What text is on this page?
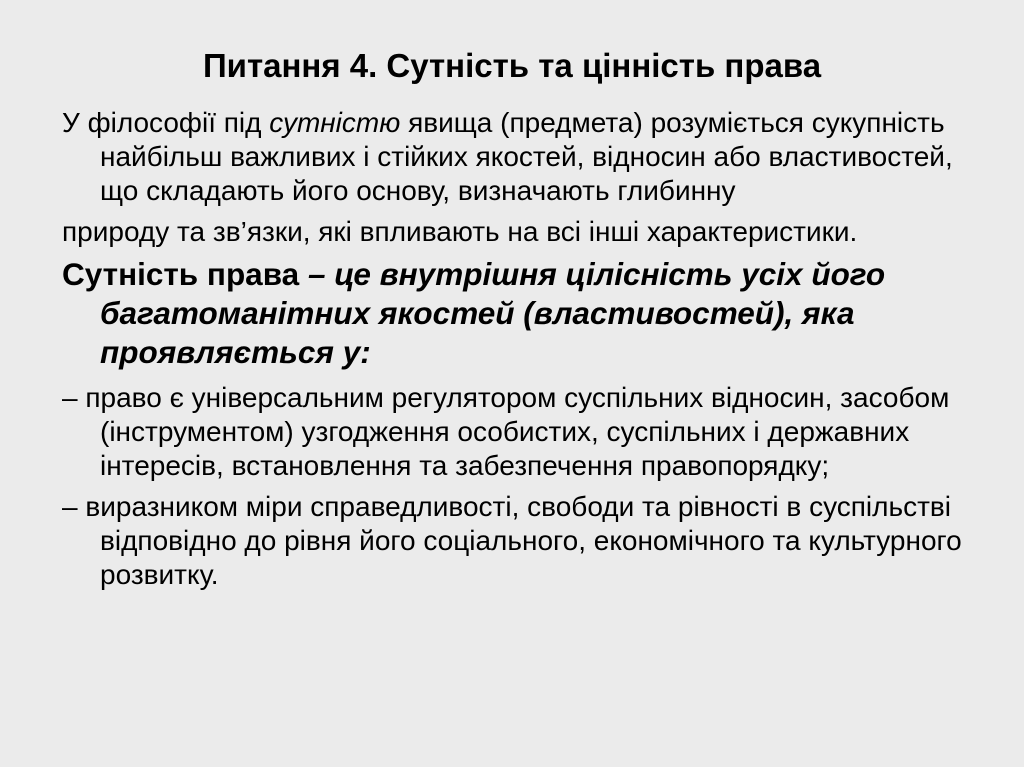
Питання 4. Сутність та цінність права

У філософії під сутністю явища (предмета) розуміється сукупність найбільш важливих і стійких якостей, відносин або властивостей, що складають його основу, визначають глибинну

природу та зв’язки, які впливають на всі інші характеристики.

Сутність права – це внутрішня цілісність усіх його багатоманітних якостей (властивостей), яка проявляється у:

– право є універсальним регулятором суспільних відносин, засобом (інструментом) узгодження особистих, суспільних і державних інтересів, встановлення та забезпечення правопорядку;

– виразником міри справедливості, свободи та рівності в суспільстві відповідно до рівня його соціального, економічного та культурного розвитку.
